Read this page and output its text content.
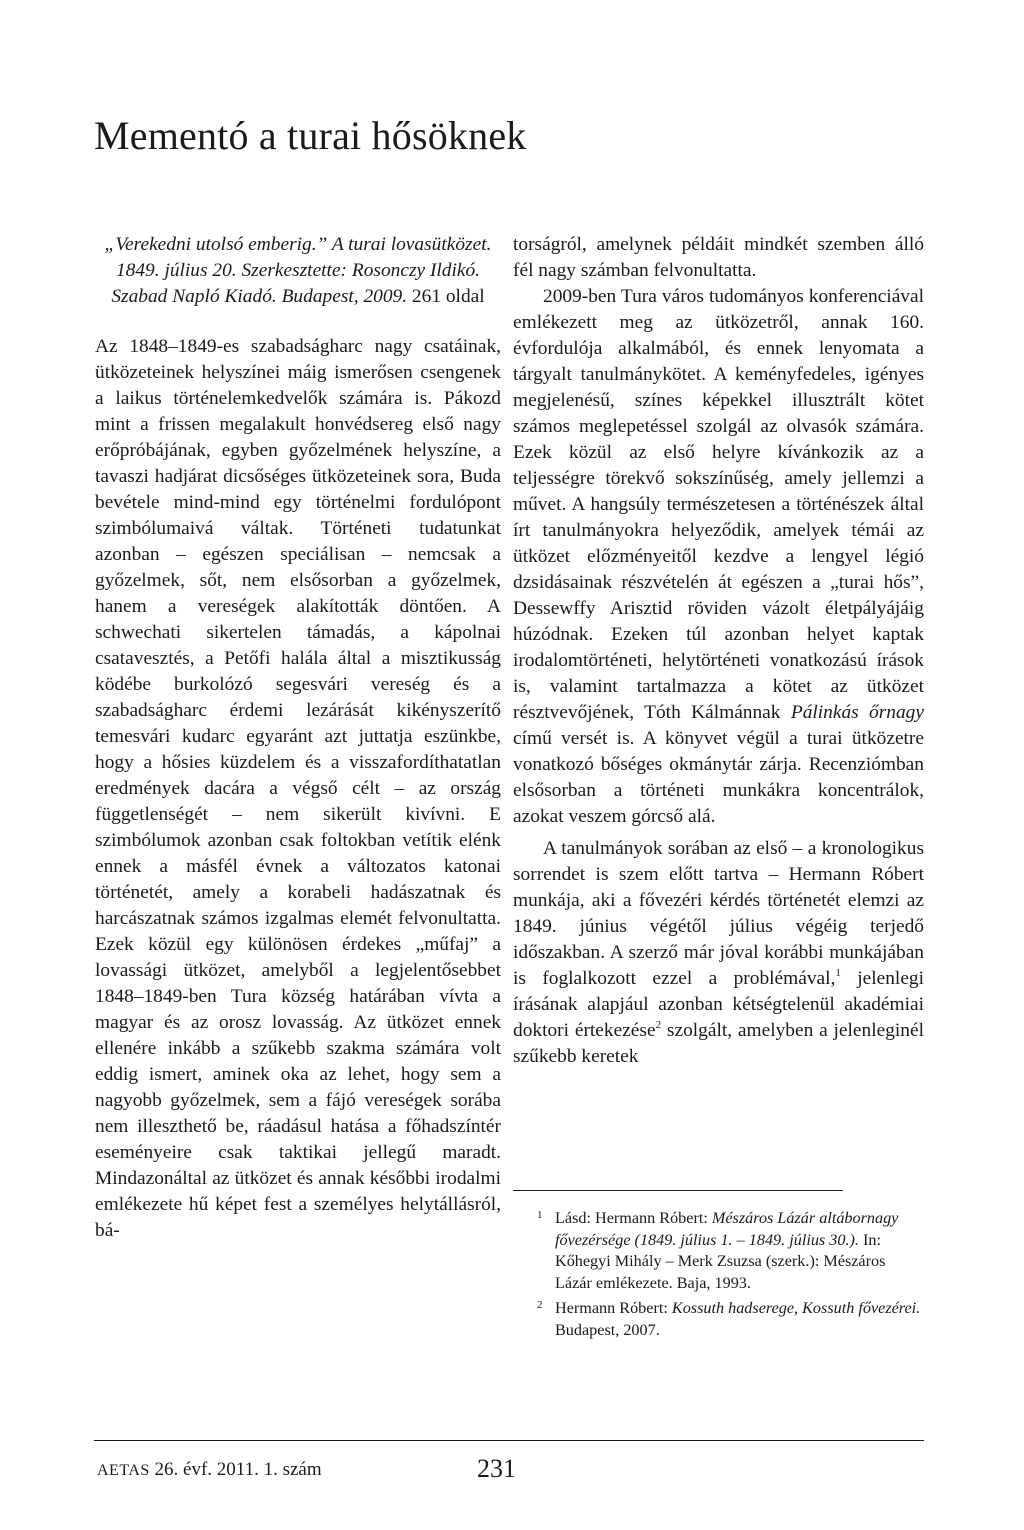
Mementó a turai hősöknek
„Verekedni utolsó emberig.” A turai lovasütközet. 1849. július 20. Szerkesztette: Rosonczy Ildikó. Szabad Napló Kiadó. Budapest, 2009. 261 oldal

Az 1848–1849-es szabadságharc nagy csatáinak, ütközeteinek helyszínei máig ismerősen csengenek a laikus történelemkedvelők számára is. Pákozd mint a frissen megalakult honvédsereg első nagy erőpróbájának, egyben győzelmének helyszíne, a tavaszi hadjárat dicsőséges ütközeteinek sora, Buda bevétele mind-mind egy történelmi fordulópont szimbólumaivá váltak. Történeti tudatunkat azonban – egészen speciálisan – nemcsak a győzelmek, sőt, nem elsősorban a győzelmek, hanem a vereségek alakították döntően. A schwechati sikertelen támadás, a kápolnai csatavesztés, a Petőfi halála által a misztikusság ködébe burkolózó segesvári vereség és a szabadságharc érdemi lezárását kikényszerítő temesvári kudarc egyaránt azt juttatja eszünkbe, hogy a hősies küzdelem és a visszafordíthatatlan eredmények dacára a végső célt – az ország függetlenségét – nem sikerült kivívni. E szimbólumok azonban csak foltokban vetítik elénk ennek a másfél évnek a változatos katonai történetét, amely a korabeli hadászatnak és harcászatnak számos izgalmas elemét felvonultatta. Ezek közül egy különösen érdekes „műfaj” a lovassági ütközet, amelyből a legjelentősebbet 1848–1849-ben Tura község határában vívta a magyar és az orosz lovasság. Az ütközet ennek ellenére inkább a szűkebb szakma számára volt eddig ismert, aminek oka az lehet, hogy sem a nagyobb győzelmek, sem a fájó vereségek sorába nem illeszthető be, ráadásul hatása a főhadszíntér eseményeire csak taktikai jellegű maradt. Mindazonáltal az ütközet és annak későbbi irodalmi emlékezete hű képet fest a személyes helytállásról, bá-

torságról, amelynek példáit mindkét szemben álló fél nagy számban felvonultatta.

2009-ben Tura város tudományos konferenciával emlékezett meg az ütközetről, annak 160. évfordulója alkalmából, és ennek lenyomata a tárgyalt tanulmánykötet. A keményfedeles, igényes megjelenésű, színes képekkel illusztrált kötet számos meglepetéssel szolgál az olvasók számára. Ezek közül az első helyre kívánkozik az a teljességre törekvő sokszínűség, amely jellemzi a művet. A hangsúly természetesen a történészek által írt tanulmányokra helyeződik, amelyek témái az ütközet előzményeitől kezdve a lengyel légió dzsidásainak részvételén át egészen a „turai hős”, Dessewffy Arisztid röviden vázolt életpályájáig húzódnak. Ezeken túl azonban helyet kaptak irodalomtörténeti, helytörténeti vonatkozású írások is, valamint tartalmazza a kötet az ütközet résztvevőjének, Tóth Kálmánnak Pálinkás őrnagy című versét is. A könyvet végül a turai ütközetre vonatkozó bőséges okmánytár zárja. Recenziómban elsősorban a történeti munkákra koncentrálok, azokat veszem górcső alá.

A tanulmányok sorában az első – a kronologikus sorrendet is szem előtt tartva – Hermann Róbert munkája, aki a fővezéri kérdés történetét elemzi az 1849. június végétől július végéig terjedő időszakban. A szerző már jóval korábbi munkájában is foglalkozott ezzel a problémával,$^1$ jelenlegi írásának alapjául azonban kétségtelenül akadémiai doktori értekezése$^2$ szolgált, amelyben a jelenleginél szűkebb keretek

1 Lásd: Hermann Róbert: Mészáros Lázár altábornagy fővezérsége (1849. július 1. – 1849. július 30.). In: Kőhegyi Mihály – Merk Zsuzsa (szerk.): Mészáros Lázár emlékezete. Baja, 1993.
2 Hermann Róbert: Kossuth hadserege, Kossuth fővezérei. Budapest, 2007.
AETAS 26. évf. 2011. 1. szám	231
